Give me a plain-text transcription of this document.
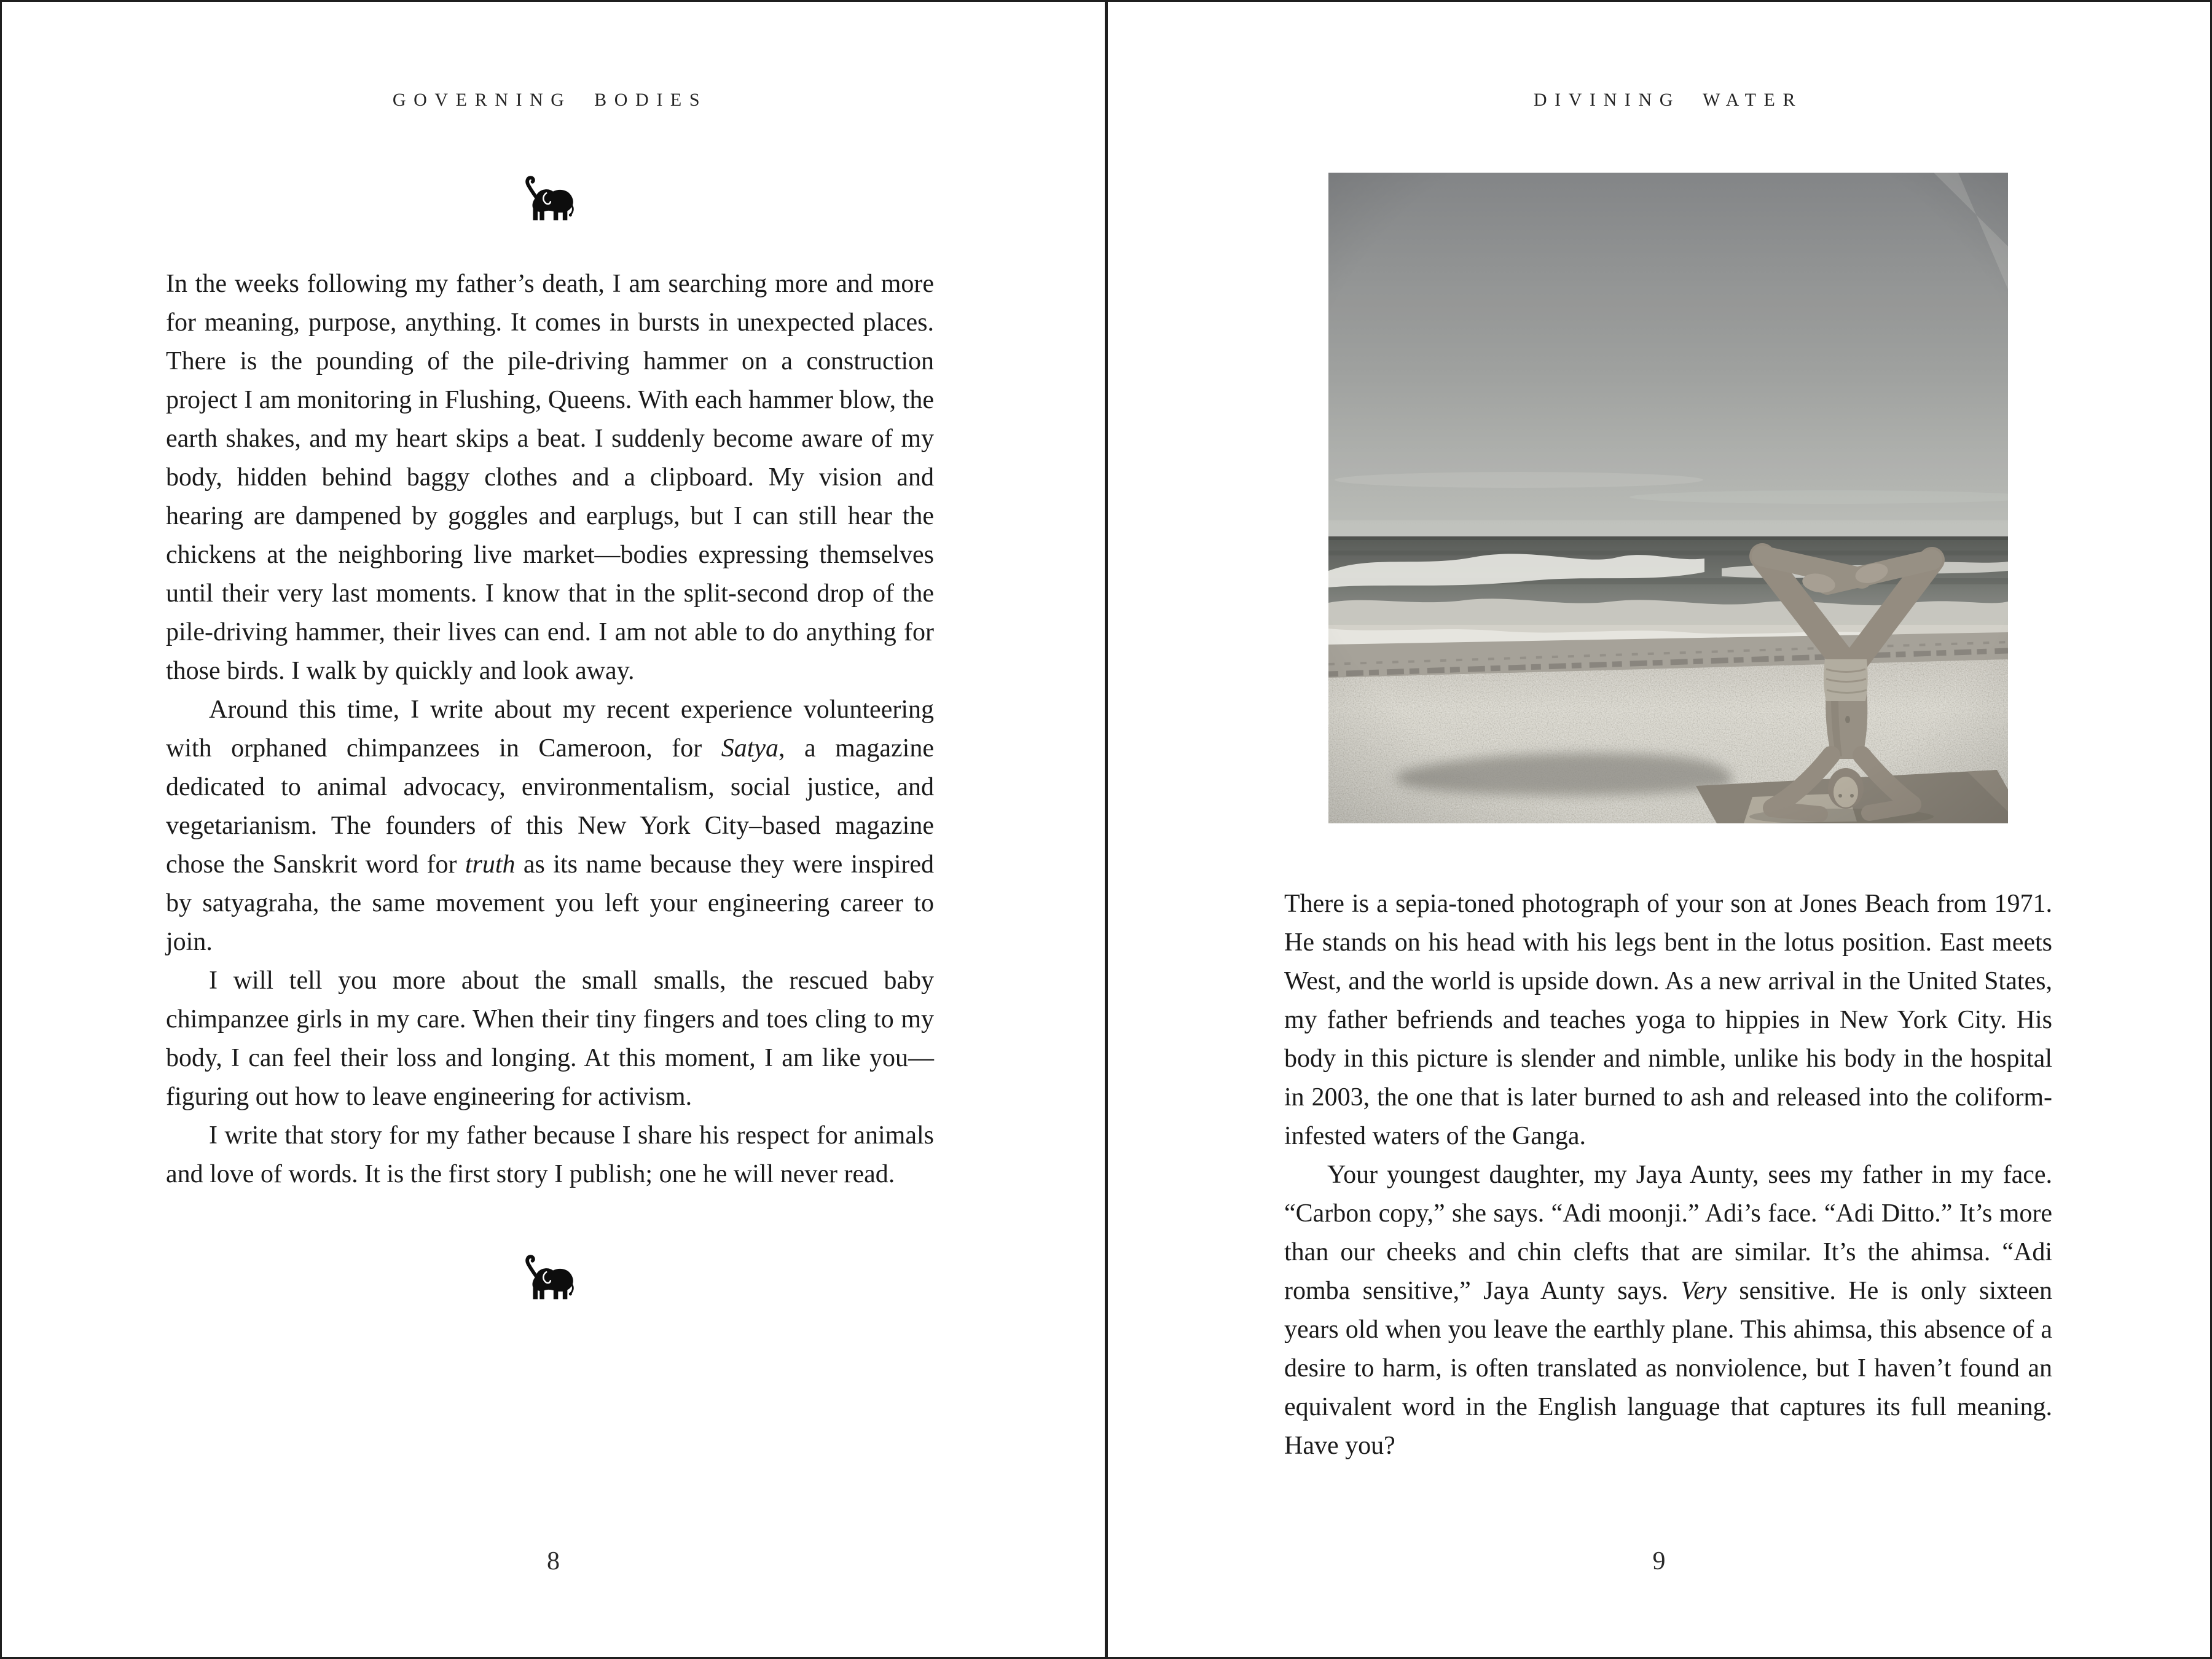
GOVERNING BODIES

In the weeks following my father’s death, I am searching more and more for meaning, purpose, anything. It comes in bursts in unexpected places. There is the pounding of the pile-driving hammer on a construction project I am monitoring in Flushing, Queens. With each hammer blow, the earth shakes, and my heart skips a beat. I suddenly become aware of my body, hidden behind baggy clothes and a clipboard. My vision and hearing are dampened by goggles and earplugs, but I can still hear the chickens at the neighboring live market—bodies expressing themselves until their very last moments. I know that in the split-second drop of the pile-driving hammer, their lives can end. I am not able to do anything for those birds. I walk by quickly and look away.

Around this time, I write about my recent experience volunteering with orphaned chimpanzees in Cameroon, for Satya, a magazine dedicated to animal advocacy, environmentalism, social justice, and vegetarianism. The founders of this New York City–based magazine chose the Sanskrit word for truth as its name because they were inspired by satyagraha, the same movement you left your engineering career to join.

I will tell you more about the small smalls, the rescued baby chimpanzee girls in my care. When their tiny fingers and toes cling to my body, I can feel their loss and longing. At this moment, I am like you—figuring out how to leave engineering for activism.

I write that story for my father because I share his respect for animals and love of words. It is the first story I publish; one he will never read.

8
DIVINING WATER

There is a sepia-toned photograph of your son at Jones Beach from 1971. He stands on his head with his legs bent in the lotus position. East meets West, and the world is upside down. As a new arrival in the United States, my father befriends and teaches yoga to hippies in New York City. His body in this picture is slender and nimble, unlike his body in the hospital in 2003, the one that is later burned to ash and released into the coliform-infested waters of the Ganga.

Your youngest daughter, my Jaya Aunty, sees my father in my face. “Carbon copy,” she says. “Adi moonji.” Adi’s face. “Adi Ditto.” It’s more than our cheeks and chin clefts that are similar. It’s the ahimsa. “Adi romba sensitive,” Jaya Aunty says. Very sensitive. He is only sixteen years old when you leave the earthly plane. This ahimsa, this absence of a desire to harm, is often translated as nonviolence, but I haven’t found an equivalent word in the English language that captures its full meaning. Have you?

9
